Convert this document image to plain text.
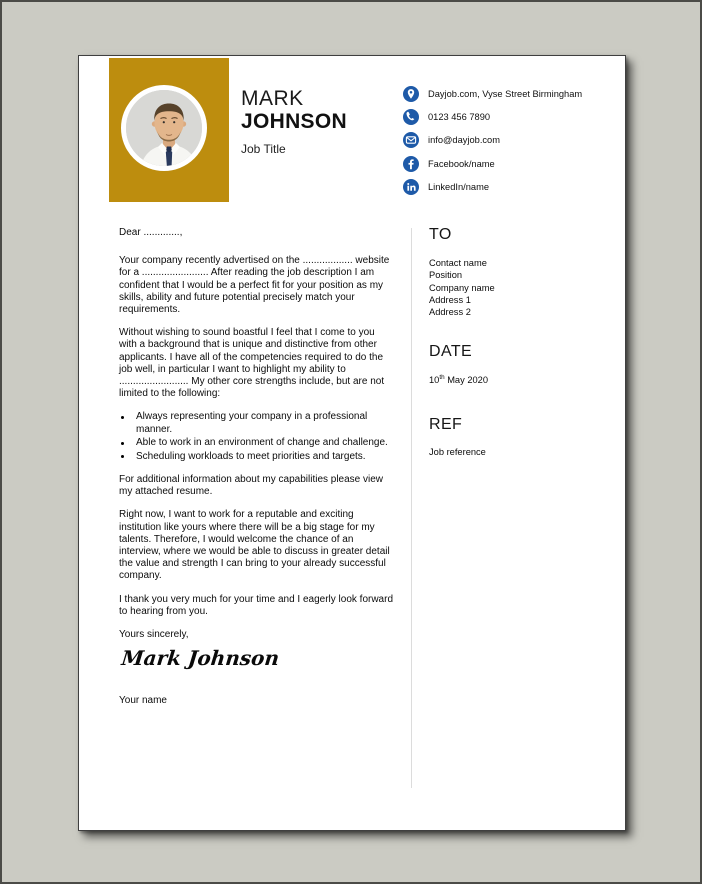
MARK
JOHNSON
Job Title
Dayjob.com, Vyse Street Birmingham
0123 456 7890
info@dayjob.com
Facebook/name
LinkedIn/name

Dear .............,

Your company recently advertised on the .................. website for a ........................ After reading the job description I am confident that I would be a perfect fit for your position as my skills, ability and future potential precisely match your requirements.

Without wishing to sound boastful I feel that I come to you with a background that is unique and distinctive from other applicants. I have all of the competencies required to do the job well, in particular I want to highlight my ability to ......................... My other core strengths include, but are not limited to the following:

Always representing your company in a professional manner.
Able to work in an environment of change and challenge.
Scheduling workloads to meet priorities and targets.

For additional information about my capabilities please view my attached resume.

Right now, I want to work for a reputable and exciting institution like yours where there will be a big stage for my talents. Therefore, I would welcome the chance of an interview, where we would be able to discuss in greater detail the value and strength I can bring to your already successful company.

I thank you very much for your time and I eagerly look forward to hearing from you.

Yours sincerely,

Mark Johnson
Your name
TO
Contact name
Position
Company name
Address 1
Address 2
DATE
10th May 2020
REF
Job reference
